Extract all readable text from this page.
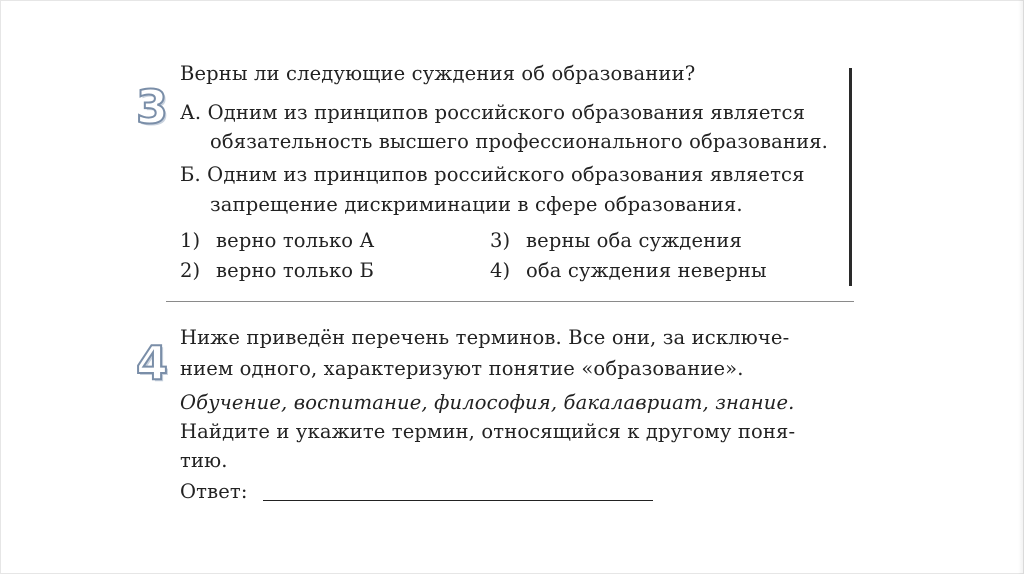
3
Верны ли следующие суждения об образовании?
А. Одним из принципов российского образования является
обязательность высшего профессионального образования.
Б. Одним из принципов российского образования является
запрещение дискриминации в сфере образования.
1) верно только А
2) верно только Б
3) верны оба суждения
4) оба суждения неверны
4 Ниже приведён перечень терминов. Все они, за исключе-
нием одного, характеризуют понятие «образование».
Обучение, воспитание, философия, бакалавриат, знание.
Найдите и укажите термин, относящийся к другому поня-
тию.
Ответ:
